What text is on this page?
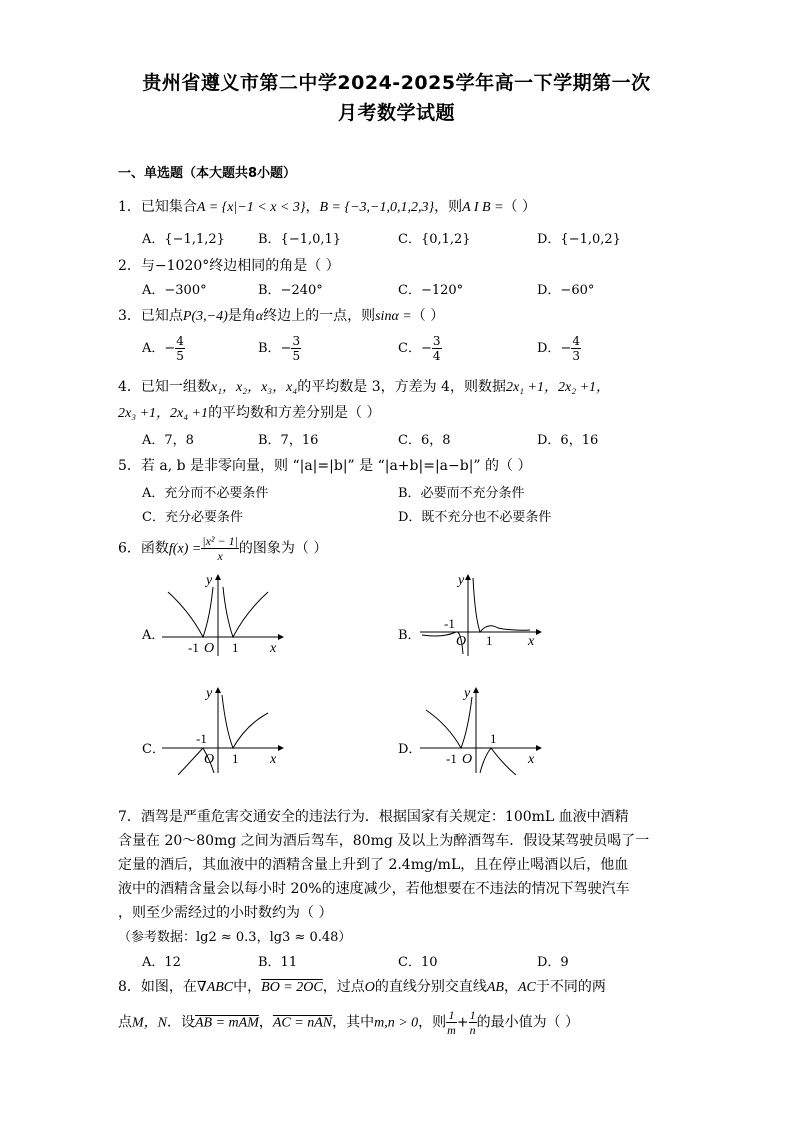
贵州省遵义市第二中学2024-2025学年高一下学期第一次
月考数学试题
一、单选题（本大题共8小题）
1．已知集合A = {x|−1 < x < 3}，B = {−3,−1,0,1,2,3}，则A I B =（ ）
A．{−1,1,2}	B．{−1,0,1}	C．{0,1,2}	D．{−1,0,2}
2．与−1020°终边相同的角是（ ）
A．−300°	B．−240°	C．−120°	D．−60°
3．已知点P(3,−4)是角α终边上的一点，则sinα =（ ）
A．− $\frac{4}{5}$	B．− $\frac{3}{5}$	C．− $\frac{3}{4}$	D．− $\frac{4}{3}$
4．已知一组数x₁，x₂，x₃，x₄的平均数是 3，方差为 4，则数据2x₁ +1，2x₂ +1，
2x₃ +1，2x₄ +1的平均数和方差分别是（ ）
A．7，8	B．7，16	C．6，8	D．6，16
5．若 a, b 是非零向量，则 “|a|=|b|” 是 “|a+b|=|a−b|” 的（ ）
A．充分而不必要条件	B．必要而不充分条件
C．充分必要条件	D．既不充分也不必要条件
6．函数$f(x) = \frac{\text{|x² − 1|}}{x}$ 的图象为（ ）
A．
-1 O 1 x
y
B．
-1
O 1	x
y
C．
-1
O 1 x
y
D．
-1 O
1
x
y
7．酒驾是严重危害交通安全的违法行为．根据国家有关规定：100mL 血液中酒精
含量在 20～80mg 之间为酒后驾车，80mg 及以上为醉酒驾车．假设某驾驶员喝了一
定量的酒后，其血液中的酒精含量上升到了 2.4mg/mL，且在停止喝酒以后，他血
液中的酒精含量会以每小时 20%的速度减少，若他想要在不违法的情况下驾驶汽车
，则至少需经过的小时数约为（ ）
（参考数据：lg2 ≈ 0.3，lg3 ≈ 0.48）
A．12	B．11	C．10	D．9
8．如图，在∇ABC中，BO = 2OC，过点O的直线分别交直线AB，AC于不同的两
点M，N．设AB = mAM，AC = nAN，其中m,n > 0，则 $\frac{1}{m} + \frac{1}{n}$ 的最小值为（ ）
